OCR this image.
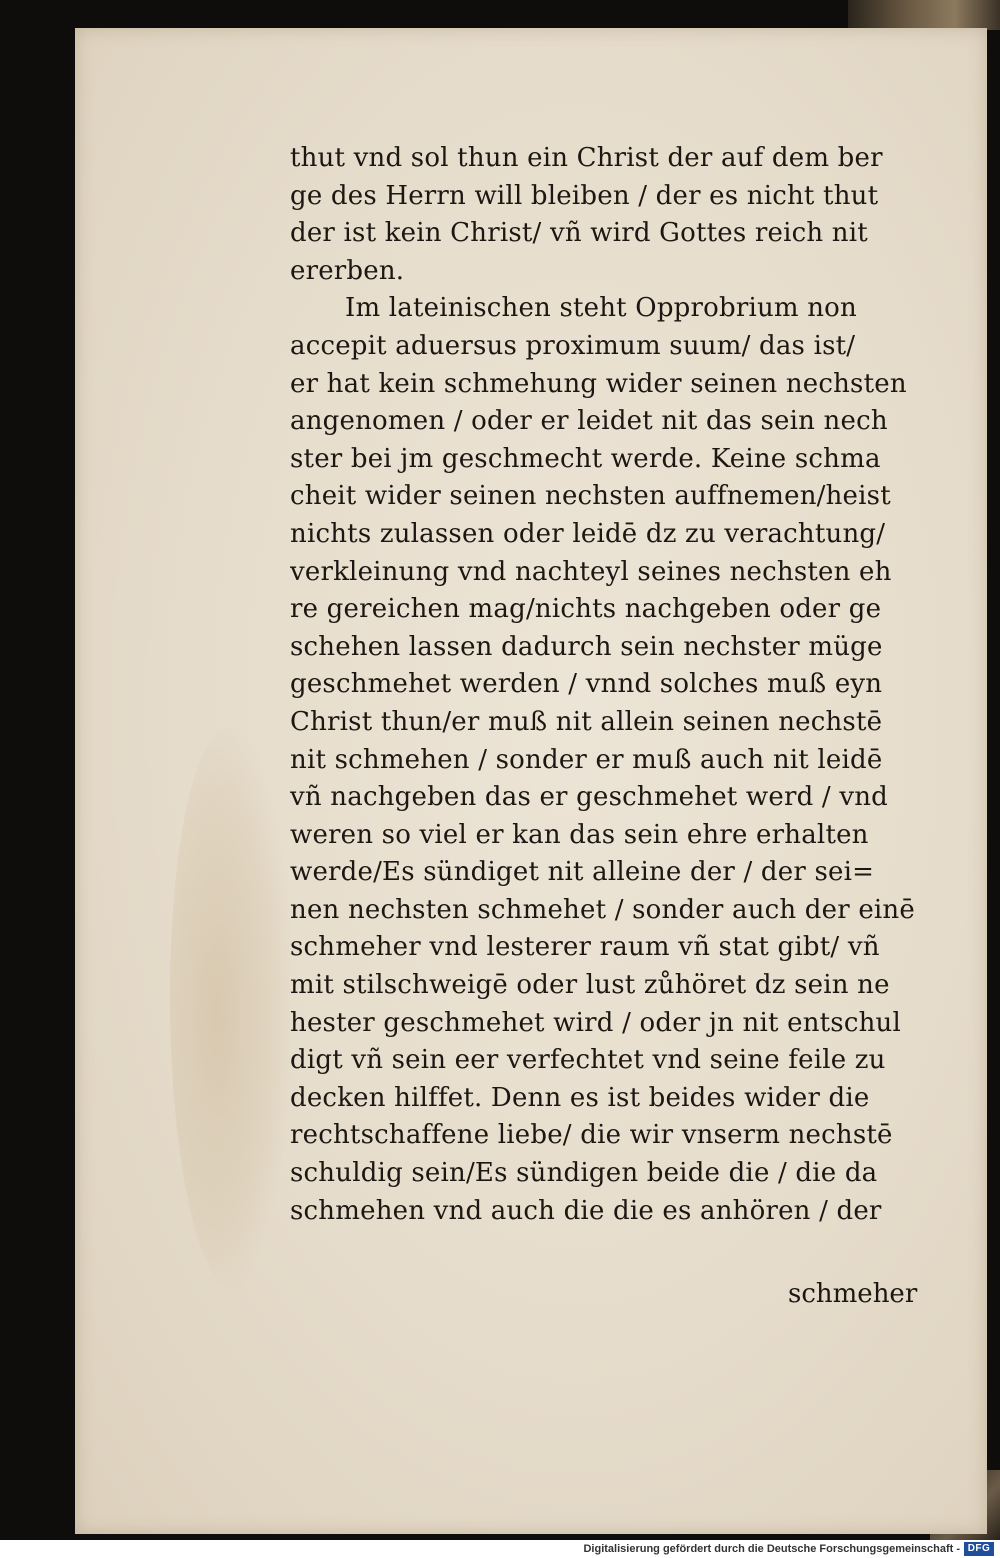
thut vnd sol thun ein Christ der auf dem ber
ge des Herrn will bleiben / der es nicht thut
der ist kein Christ/ vñ wird Gottes reich nit
ererben.
Im lateinischen steht Opprobrium non
accepit aduersus proximum suum/ das ist/
er hat kein schmehung wider seinen nechsten
angenomen / oder er leidet nit das sein nech
ster bei jm geschmecht werde. Keine schma
cheit wider seinen nechsten auffnemen/heist
nichts zulassen oder leidē dz zu verachtung/
verkleinung vnd nachteyl seines nechsten eh
re gereichen mag/nichts nachgeben oder ge
schehen lassen dadurch sein nechster müge
geschmehet werden / vnnd solches muß eyn
Christ thun/er muß nit allein seinen nechstē
nit schmehen / sonder er muß auch nit leidē
vñ nachgeben das er geschmehet werd / vnd
weren so viel er kan das sein ehre erhalten
werde/Es sündiget nit alleine der / der sei=
nen nechsten schmehet / sonder auch der einē
schmeher vnd lesterer raum vñ stat gibt/ vñ
mit stilschweigē oder lust zůhöret dz sein ne
hester geschmehet wird / oder jn nit entschul
digt vñ sein eer verfechtet vnd seine feile zu
decken hilffet. Denn es ist beides wider die
rechtschaffene liebe/ die wir vnserm nechstē
schuldig sein/Es sündigen beide die / die da
schmehen vnd auch die die es anhören / der
schmeher
Digitalisierung gefördert durch die Deutsche Forschungsgemeinschaft - DFG
